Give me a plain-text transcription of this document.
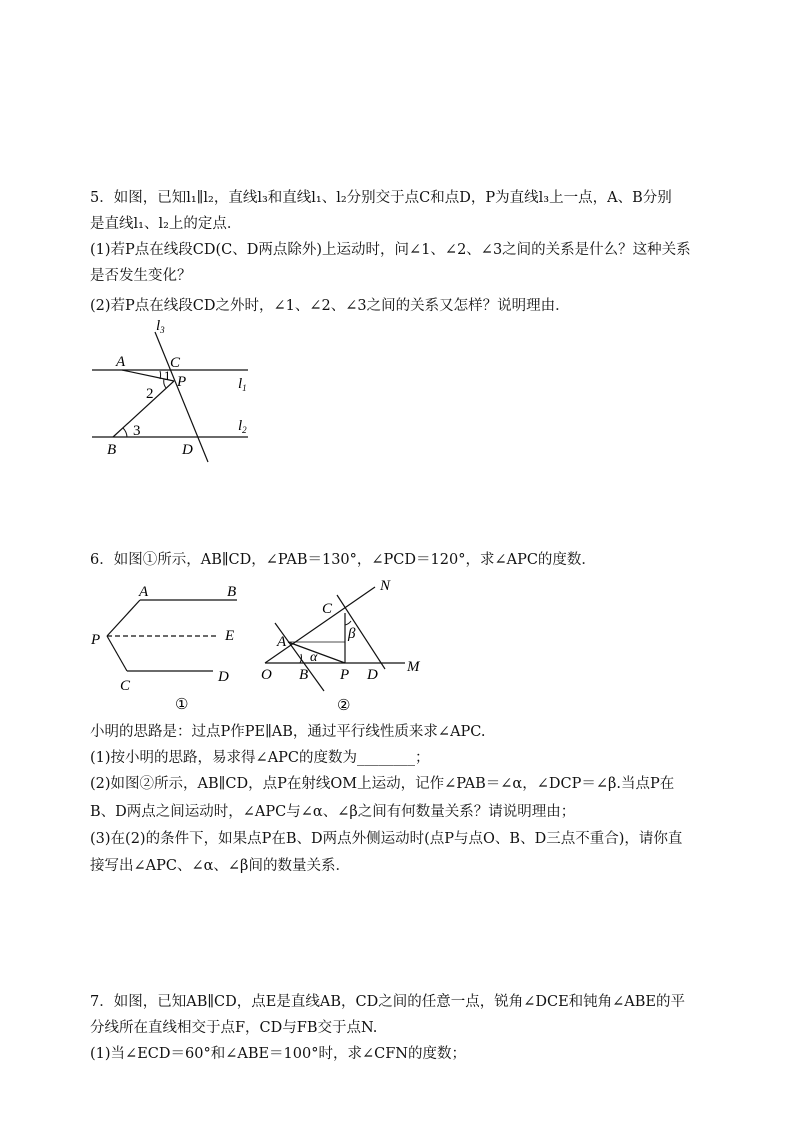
5．如图，已知l₁∥l₂，直线l₃和直线l₁、l₂分别交于点C和点D，P为直线l₃上一点，A、B分别
是直线l₁、l₂上的定点．
(1)若P点在线段CD(C、D两点除外)上运动时，问∠1、∠2、∠3之间的关系是什么？这种关系
是否发生变化？
(2)若P点在线段CD之外时，∠1、∠2、∠3之间的关系又怎样？说明理由．
$l_3$
A	C
1 P	$l_1$
2
$l_2$
3
B	D
6．如图①所示，AB∥CD，∠PAB＝130°，∠PCD＝120°，求∠APC的度数．
A	B
P	E
C
D
①
N
C
β
A
α
O B P D M
②
小明的思路是：过点P作PE∥AB，通过平行线性质来求∠APC.
(1)按小明的思路，易求得∠APC的度数为________；
(2)如图②所示，AB∥CD，点P在射线OM上运动，记作∠PAB＝∠α，∠DCP＝∠β.当点P在
B、D两点之间运动时，∠APC与∠α、∠β之间有何数量关系？请说明理由；
(3)在(2)的条件下，如果点P在B、D两点外侧运动时(点P与点O、B、D三点不重合)，请你直
接写出∠APC、∠α、∠β间的数量关系．
7．如图，已知AB∥CD，点E是直线AB，CD之间的任意一点，锐角∠DCE和钝角∠ABE的平
分线所在直线相交于点F，CD与FB交于点N.
(1)当∠ECD＝60°和∠ABE＝100°时，求∠CFN的度数；
